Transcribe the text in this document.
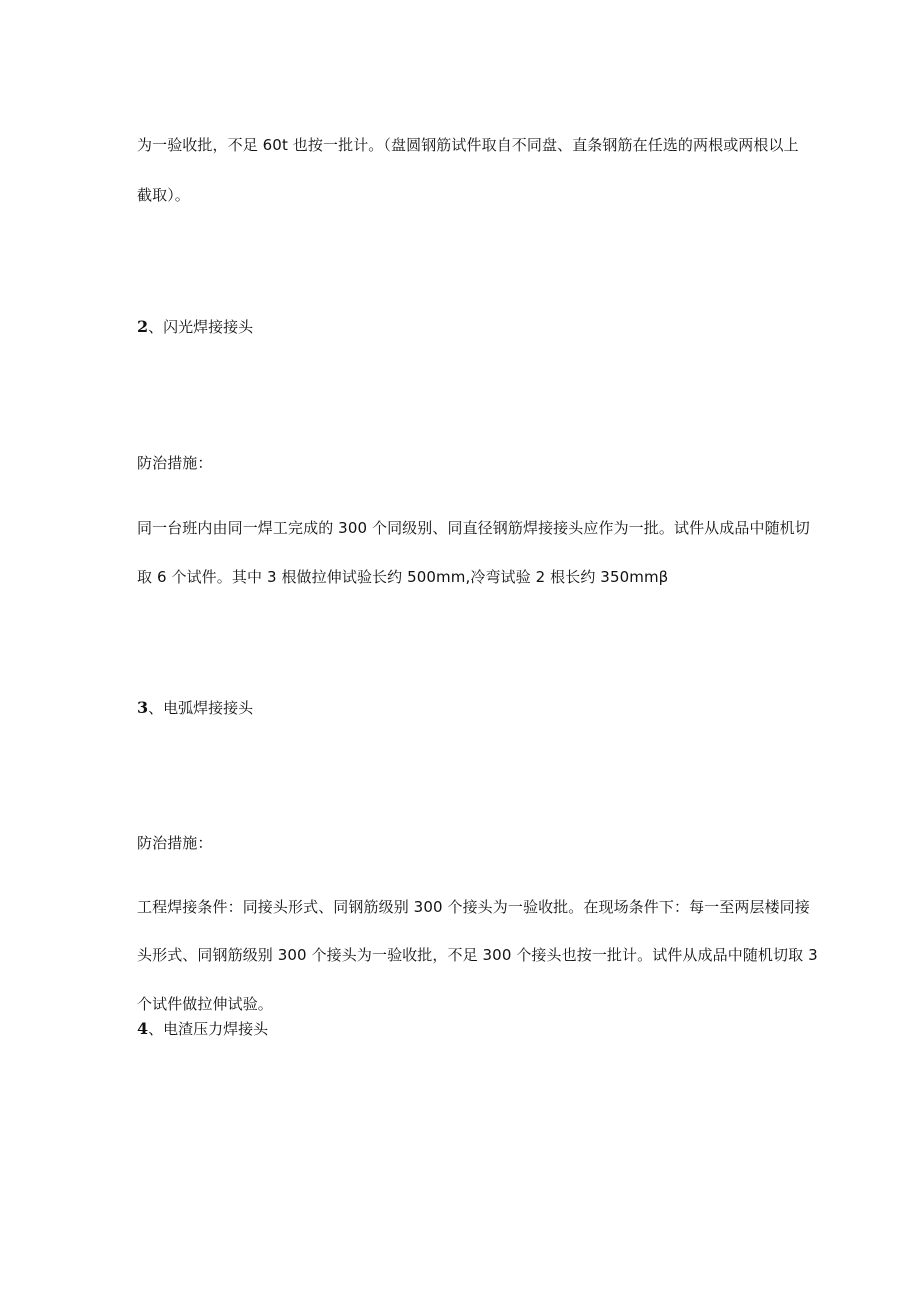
为一验收批，不足 60t 也按一批计。（盘圆钢筋试件取自不同盘、直条钢筋在任选的两根或两根以上
截取）。
2、闪光焊接接头
防治措施：
同一台班内由同一焊工完成的 300 个同级别、同直径钢筋焊接接头应作为一批。试件从成品中随机切
取 6 个试件。其中 3 根做拉伸试验长约 500mm,冷弯试验 2 根长约 350mmβ
3、电弧焊接接头
防治措施：
工程焊接条件：同接头形式、同钢筋级别 300 个接头为一验收批。在现场条件下：每一至两层楼同接
头形式、同钢筋级别 300 个接头为一验收批，不足 300 个接头也按一批计。试件从成品中随机切取 3
个试件做拉伸试验。
4、电渣压力焊接头
